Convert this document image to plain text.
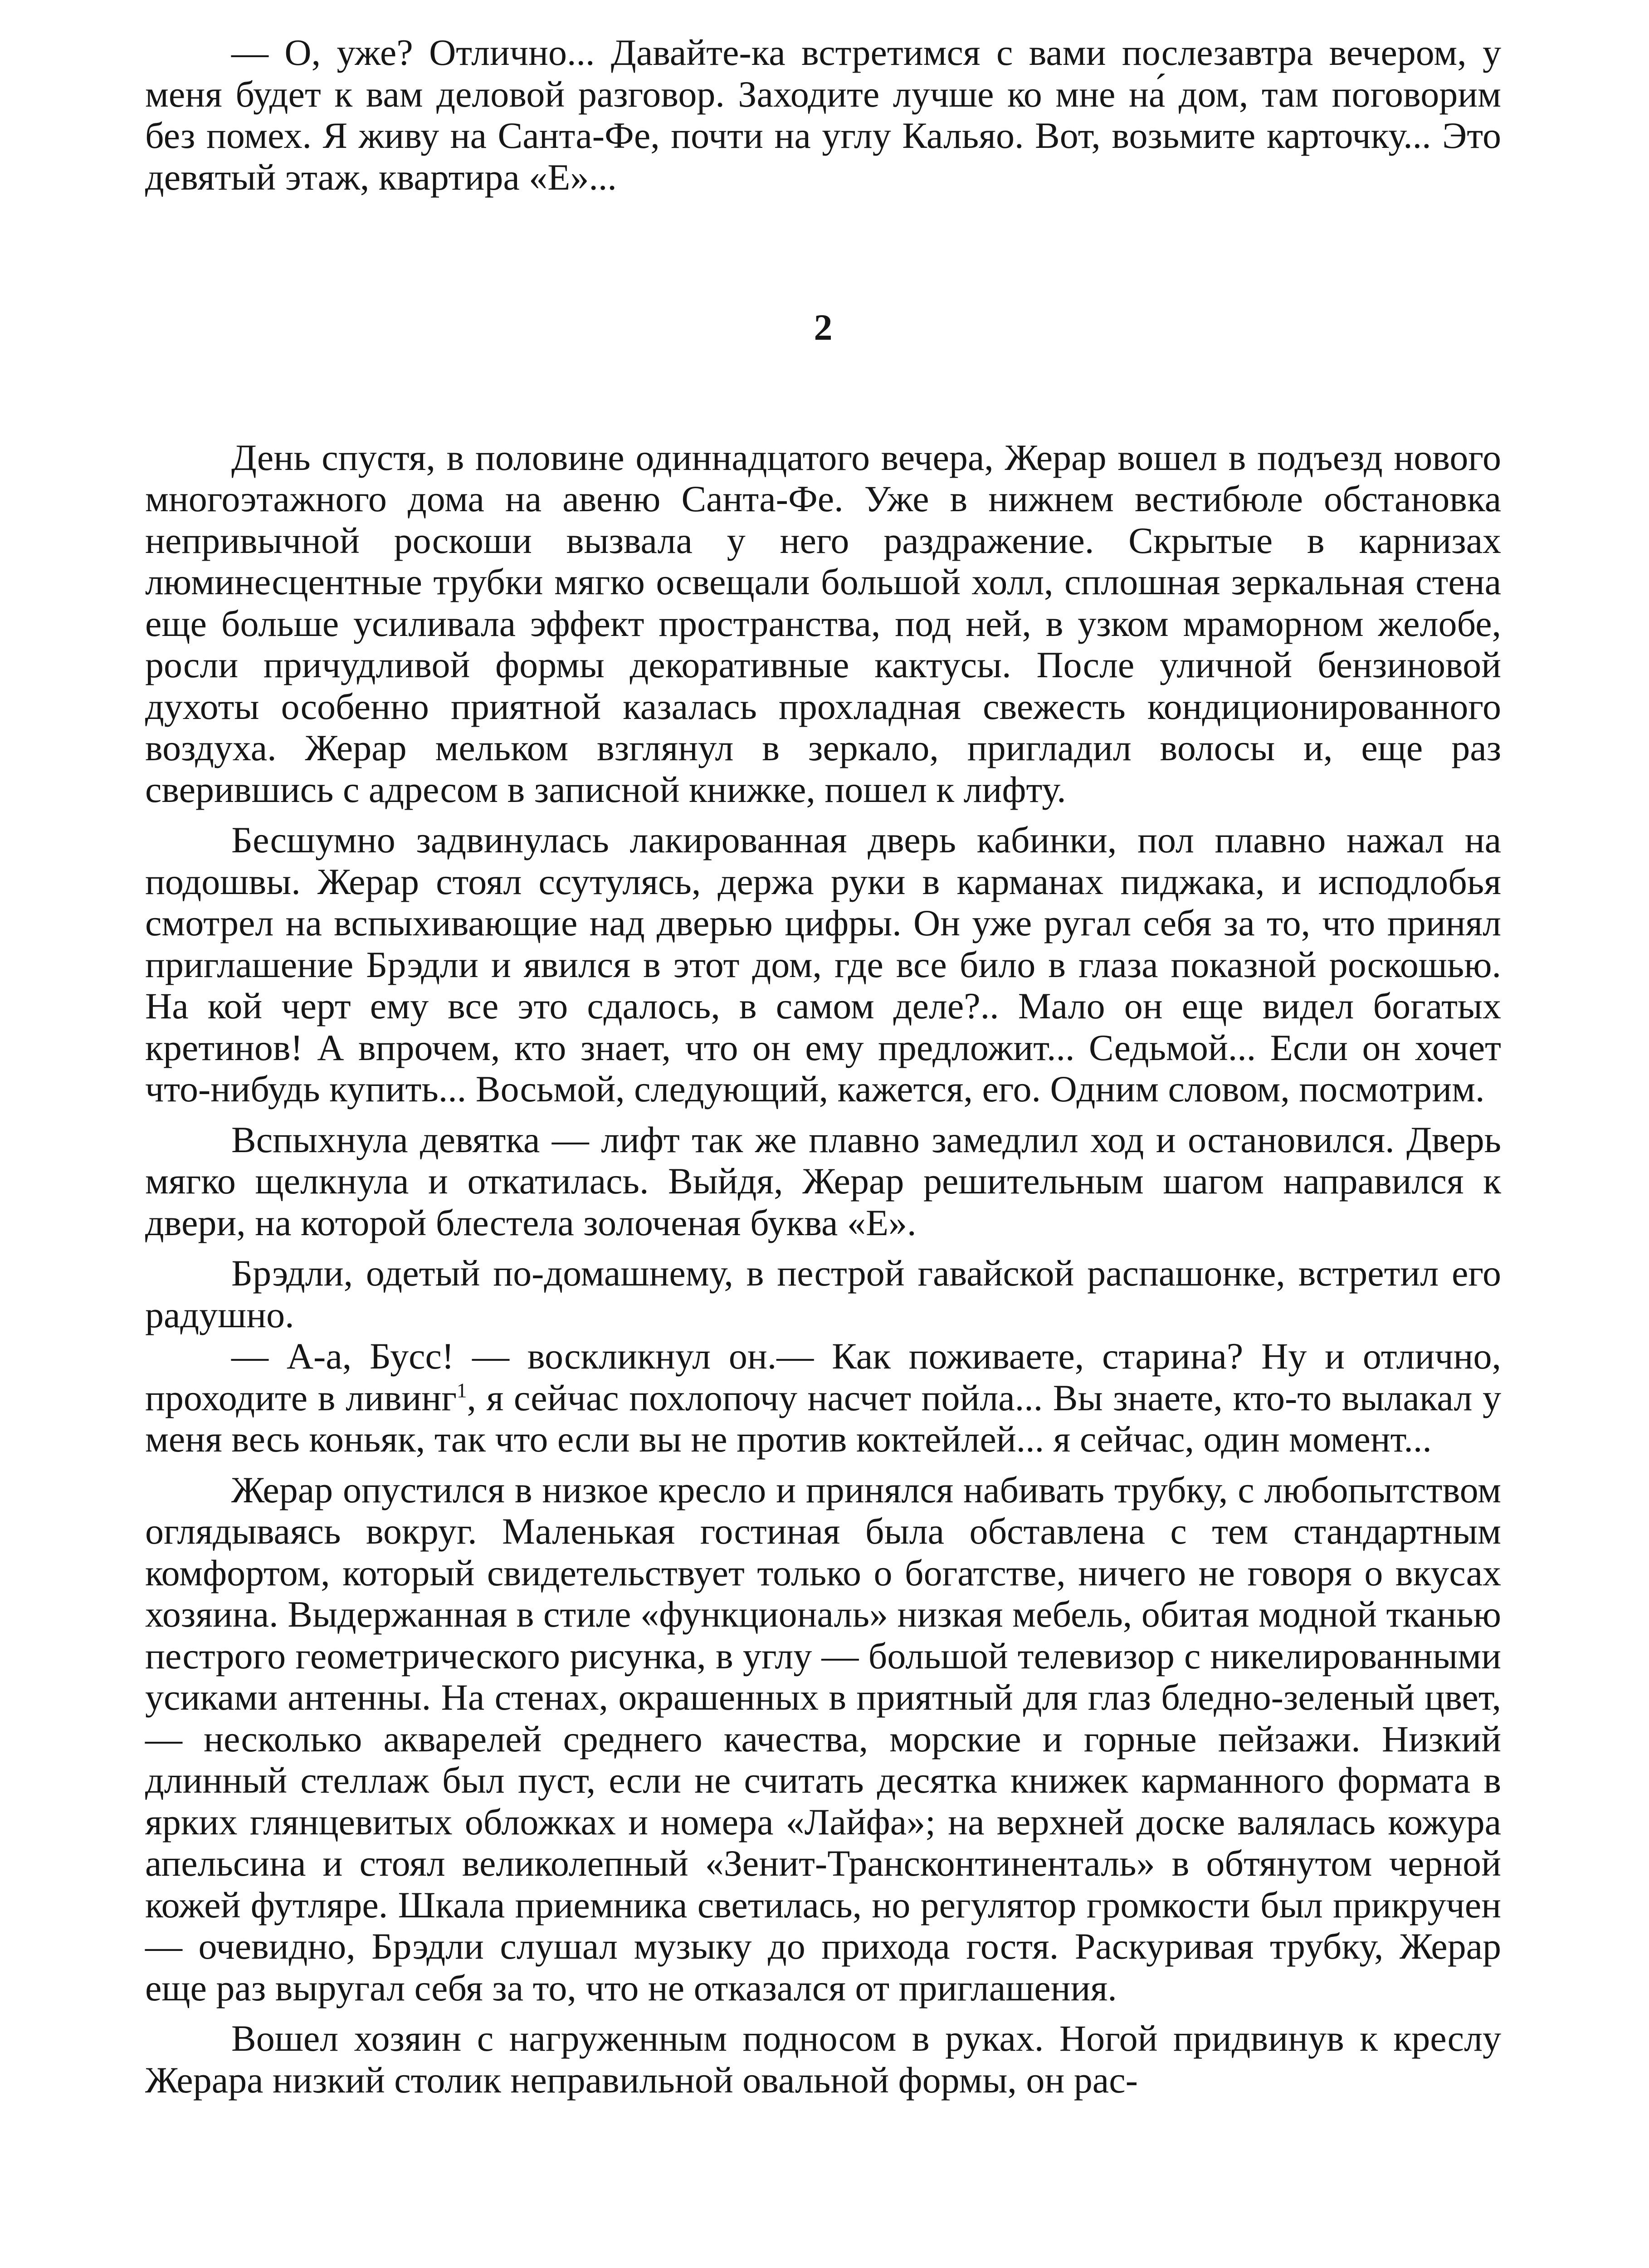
— О, уже? Отлично... Давайте-ка встретимся с вами послезавтра вечером, у меня будет к вам деловой разговор. Заходите лучше ко мне на́ дом, там поговорим без помех. Я живу на Санта-Фе, почти на углу Кальяо. Вот, возьмите карточку... Это девятый этаж, квартира «Е»...

2

День спустя, в половине одиннадцатого вечера, Жерар вошел в подъезд нового многоэтажного дома на авеню Санта-Фе. Уже в нижнем вестибюле обстановка непривычной роскоши вызвала у него раздражение. Скрытые в карнизах люминесцентные трубки мягко освещали большой холл, сплошная зеркальная стена еще больше усиливала эффект пространства, под ней, в узком мраморном желобе, росли причудливой формы декоративные кактусы. После уличной бензиновой духоты особенно приятной казалась прохладная свежесть кондиционированного воздуха. Жерар мельком взглянул в зеркало, пригладил волосы и, еще раз сверившись с адресом в записной книжке, пошел к лифту.

Бесшумно задвинулась лакированная дверь кабинки, пол плавно нажал на подошвы. Жерар стоял ссутулясь, держа руки в карманах пиджака, и исподлобья смотрел на вспыхивающие над дверью цифры. Он уже ругал себя за то, что принял приглашение Брэдли и явился в этот дом, где все било в глаза показной роскошью. На кой черт ему все это сдалось, в самом деле?.. Мало он еще видел богатых кретинов! А впрочем, кто знает, что он ему предложит... Седьмой... Если он хочет что-нибудь купить... Восьмой, следующий, кажется, его. Одним словом, посмотрим.

Вспыхнула девятка — лифт так же плавно замедлил ход и остановился. Дверь мягко щелкнула и откатилась. Выйдя, Жерар решительным шагом направился к двери, на которой блестела золоченая буква «Е».

Брэдли, одетый по-домашнему, в пестрой гавайской распашонке, встретил его радушно.

— А-а, Бусс! — воскликнул он.— Как поживаете, старина? Ну и отлично, проходите в ливинг$^1$, я сейчас похлопочу насчет пойла... Вы знаете, кто-то вылакал у меня весь коньяк, так что если вы не против коктейлей... я сейчас, один момент...

Жерар опустился в низкое кресло и принялся набивать трубку, с любопытством оглядываясь вокруг. Маленькая гостиная была обставлена с тем стандартным комфортом, который свидетельствует только о богатстве, ничего не говоря о вкусах хозяина. Выдержанная в стиле «функциональ» низкая мебель, обитая модной тканью пестрого геометрического рисунка, в углу — большой телевизор с никелированными усиками антенны. На стенах, окрашенных в приятный для глаз бледно-зеленый цвет,— несколько акварелей среднего качества, морские и горные пейзажи. Низкий длинный стеллаж был пуст, если не считать десятка книжек карманного формата в ярких глянцевитых обложках и номера «Лайфа»; на верхней доске валялась кожура апельсина и стоял великолепный «Зенит-Трансконтиненталь» в обтянутом черной кожей футляре. Шкала приемника светилась, но регулятор громкости был прикручен — очевидно, Брэдли слушал музыку до прихода гостя. Раскуривая трубку, Жерар еще раз выругал себя за то, что не отказался от приглашения.

Вошел хозяин с нагруженным подносом в руках. Ногой придвинув к креслу Жерара низкий столик неправильной овальной формы, он рас-
